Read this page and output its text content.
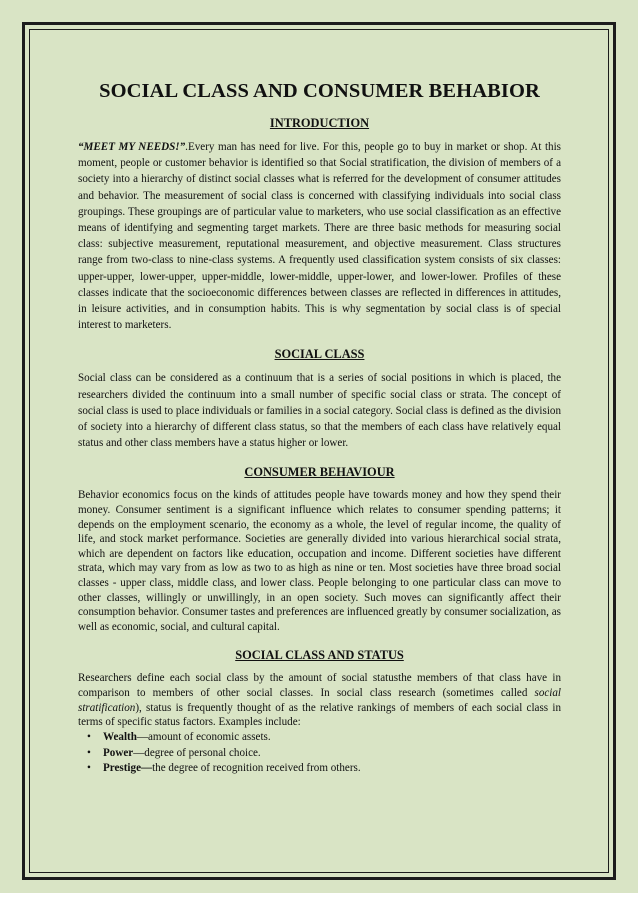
SOCIAL CLASS AND CONSUMER BEHABIOR
INTRODUCTION

“MEET MY NEEDS!”.Every man has need for live. For this, people go to buy in market or shop. At this moment, people or customer behavior is identified so that Social stratification, the division of members of a society into a hierarchy of distinct social classes what is referred for the development of consumer attitudes and behavior. The measurement of social class is concerned with classifying individuals into social class groupings. These groupings are of particular value to marketers, who use social classification as an effective means of identifying and segmenting target markets. There are three basic methods for measuring social class: subjective measurement, reputational measurement, and objective measurement. Class structures range from two-class to nine-class systems. A frequently used classification system consists of six classes: upper-upper, lower-upper, upper-middle, lower-middle, upper-lower, and lower-lower. Profiles of these classes indicate that the socioeconomic differences between classes are reflected in differences in attitudes, in leisure activities, and in consumption habits. This is why segmentation by social class is of special interest to marketers.

SOCIAL CLASS

Social class can be considered as a continuum that is a series of social positions in which is placed, the researchers divided the continuum into a small number of specific social class or strata. The concept of social class is used to place individuals or families in a social category. Social class is defined as the division of society into a hierarchy of different class status, so that the members of each class have relatively equal status and other class members have a status higher or lower.

CONSUMER BEHAVIOUR

Behavior economics focus on the kinds of attitudes people have towards money and how they spend their money. Consumer sentiment is a significant influence which relates to consumer spending patterns; it depends on the employment scenario, the economy as a whole, the level of regular income, the quality of life, and stock market performance. Societies are generally divided into various hierarchical social strata, which are dependent on factors like education, occupation and income. Different societies have different strata, which may vary from as low as two to as high as nine or ten. Most societies have three broad social classes - upper class, middle class, and lower class. People belonging to one particular class can move to other classes, willingly or unwillingly, in an open society. Such moves can significantly affect their consumption behavior. Consumer tastes and preferences are influenced greatly by consumer socialization, as well as economic, social, and cultural capital.

SOCIAL CLASS AND STATUS

Researchers define each social class by the amount of social statusthe members of that class have in comparison to members of other social classes. In social class research (sometimes called social stratification), status is frequently thought of as the relative rankings of members of each social class in terms of specific status factors. Examples include:

• Wealth—amount of economic assets.
• Power—degree of personal choice.
• Prestige—the degree of recognition received from others.
